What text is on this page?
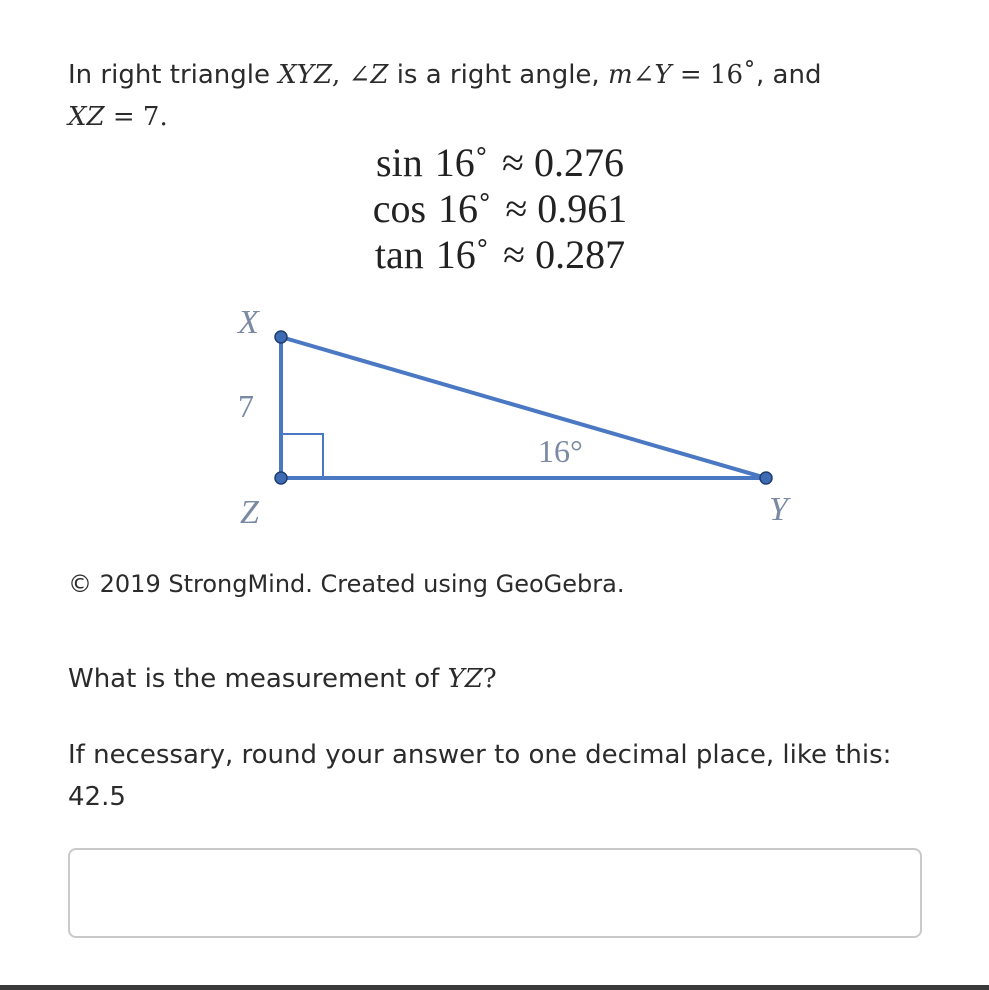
In right triangle XYZ, ∠Z is a right angle, m∠Y = 16˚, and
XZ = 7.
sin 16˚ ≈ 0.276
cos 16˚ ≈ 0.961
tan 16˚ ≈ 0.287
X
7
16°
Z	Y
© 2019 StrongMind. Created using GeoGebra.
What is the measurement of YZ?
If necessary, round your answer to one decimal place, like this:
42.5
